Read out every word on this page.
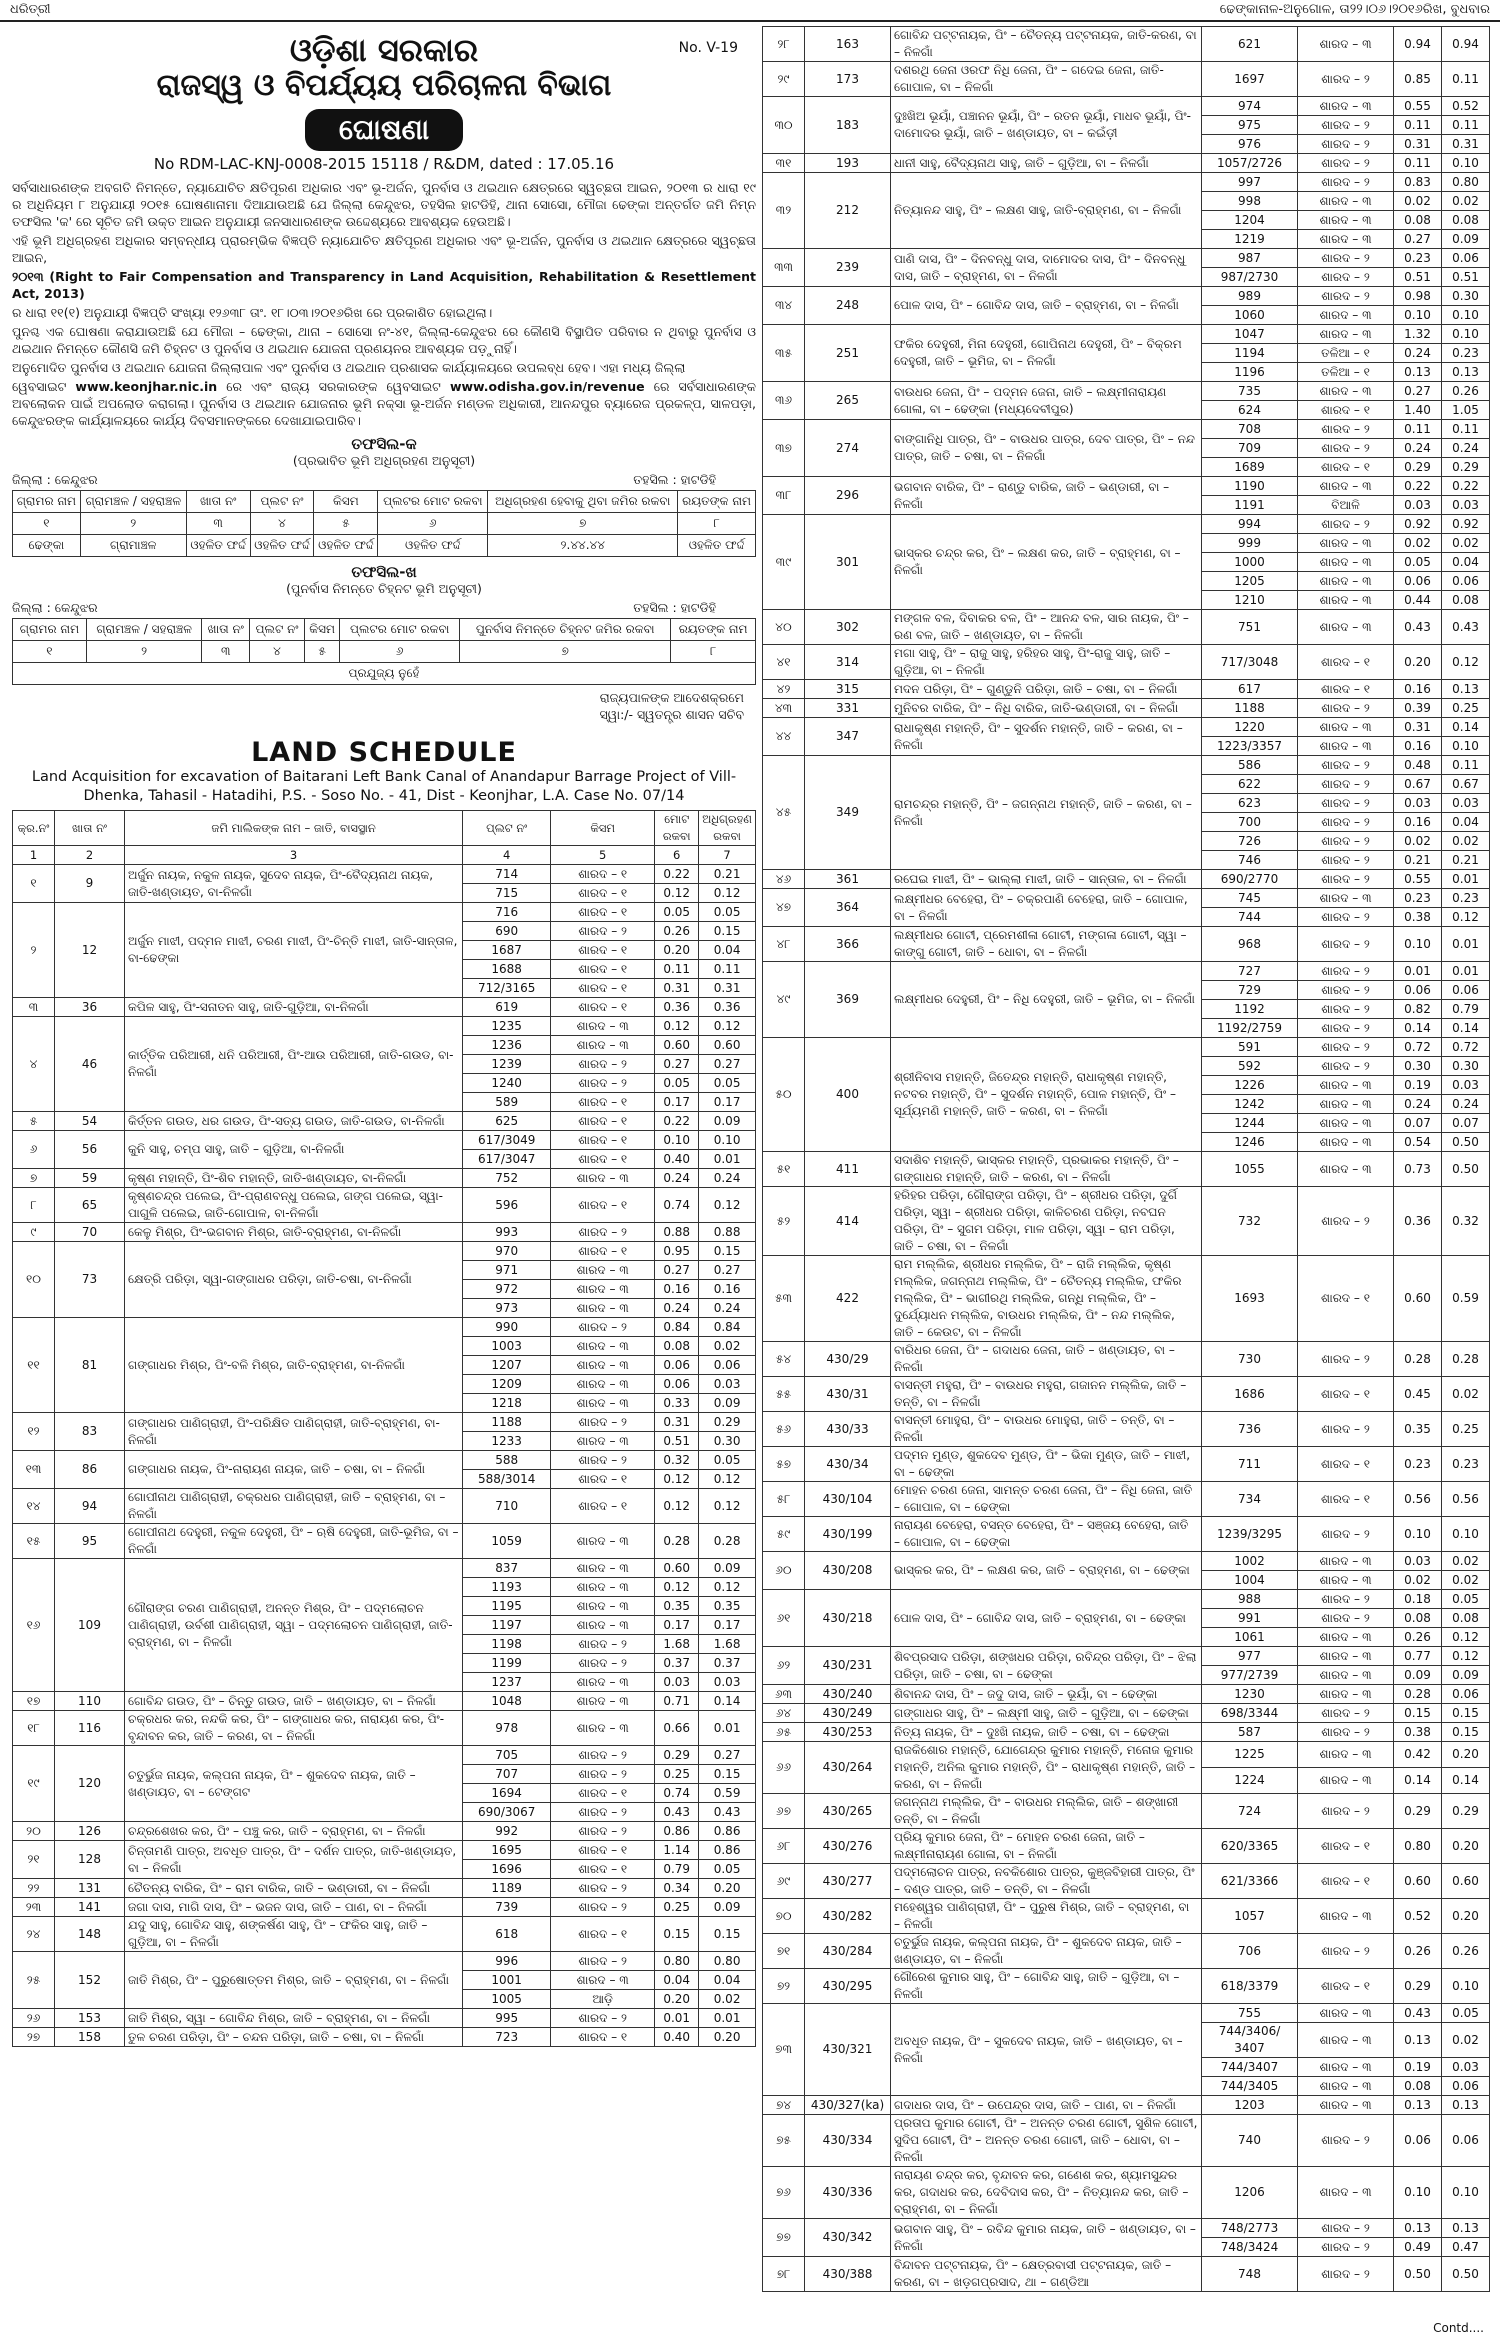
ଧରିତ୍ରୀ	ଢେଙ୍କାନାଳ-ଅନୁଗୋଳ, ତା୨୨।୦୬।୨୦୧୬ରିଖ, ବୁଧବାର
No. V-19
ଓଡ଼ିଶା ସରକାର
ରାଜସ୍ୱ ଓ ବିପର୍ଯ୍ୟୟ ପରିଚାଳନା ବିଭାଗ
ଘୋଷଣା
No RDM-LAC-KNJ-0008-2015 15118 / R&DM, dated : 17.05.16

ସର୍ବସାଧାରଣଙ୍କ ଅବଗତି ନିମନ୍ତେ, ନ୍ୟାଯୋଚିତ କ୍ଷତିପୂରଣ ଅଧିକାର ଏବଂ ଭୂ-ଅର୍ଜନ, ପୁନର୍ବାସ ଓ ଥଇଥାନ କ୍ଷେତ୍ରରେ ସ୍ୱଚ୍ଛତା ଆଇନ, ୨୦୧୩ ର ଧାରା ୧୯ ର ଅଧିନିୟମ ୮ ଅନୁଯାୟୀ ୨୦୧୫ ଘୋଷଣାନାମା ଦିଆଯାଉଅଛି ଯେ ଜିଲ୍ଲା କେନ୍ଦୁଝର, ତହସିଲ ହାଟଡିହି, ଥାନା ସୋସୋ, ମୌଜା ଢେଙ୍କା ଅନ୍ତର୍ଗତ ଜମି ନିମ୍ନ ତଫସିଲ 'କ' ରେ ସୂଚିତ ଜମି ଉକ୍ତ ଆଇନ ଅନୁଯାୟୀ ଜନସାଧାରଣଙ୍କ ଉଦ୍ଦେଶ୍ୟରେ ଆବଶ୍ୟକ ହେଉଅଛି।

ଏହି ଭୂମି ଅଧିଗ୍ରହଣ ଅଧିକାର ସମ୍ବନ୍ଧୀୟ ପ୍ରାରମ୍ଭିକ ବିଜ୍ଞପ୍ତି ନ୍ୟାଯୋଚିତ କ୍ଷତିପୂରଣ ଅଧିକାର ଏବଂ ଭୂ-ଅର୍ଜନ, ପୁନର୍ବାସ ଓ ଥଇଥାନ କ୍ଷେତ୍ରରେ ସ୍ୱଚ୍ଛତା ଆଇନ,

୨୦୧୩ (Right to Fair Compensation and Transparency in Land Acquisition, Rehabilitation & Resettlement Act, 2013)

ର ଧାରା ୧୧(୧) ଅନୁଯାୟୀ ବିଜ୍ଞପ୍ତି ସଂଖ୍ୟା ୧୨୬୩୮ ତାଂ. ୧୮।୦୩।୨୦୧୬ରିଖ ରେ ପ୍ରକାଶିତ ହୋଇଥିଲା।

ପୁନଶ୍ଚ ଏକ ଘୋଷଣା କରାଯାଉଅଛି ଯେ ମୌଜା – ଢେଙ୍କା, ଥାନା – ସୋସୋ ନଂ-୪୧, ଜିଲ୍ଲା-କେନ୍ଦୁଝର ରେ କୌଣସି ବିସ୍ଥାପିତ ପରିବାର ନ ଥିବାରୁ ପୁନର୍ବାସ ଓ ଥଇଥାନ ନିମନ୍ତେ କୌଣସି ଜମି ଚିହ୍ନଟ ଓ ପୁନର୍ବାସ ଓ ଥଇଥାନ ଯୋଜନା ପ୍ରଣୟନର ଆବଶ୍ୟକ ପଡ଼ୁନାହିଁ।

ଅନୁମୋଦିତ ପୁନର୍ବାସ ଓ ଥଇଥାନ ଯୋଜନା ଜିଲ୍ଲାପାଳ ଏବଂ ପୁନର୍ବାସ ଓ ଥଇଥାନ ପ୍ରଶାସକ କାର୍ଯ୍ୟାଳୟରେ ଉପଲବ୍ଧ ହେବ। ଏହା ମଧ୍ୟ ଜିଲ୍ଲା

ୱେବସାଇଟ www.keonjhar.nic.in ରେ ଏବଂ ରାଜ୍ୟ ସରକାରଙ୍କ ୱେବସାଇଟ www.odisha.gov.in/revenue ରେ ସର୍ବସାଧାରଣଙ୍କ ଅବଲୋକନ ପାଇଁ ଅପଲୋଡ କରାଗଲା। ପୁନର୍ବାସ ଓ ଥଇଥାନ ଯୋଜନାର ଭୂମି ନକ୍ସା ଭୂ-ଅର୍ଜନ ମଣ୍ଡଳ ଅଧିକାରୀ, ଆନନ୍ଦପୁର ବ୍ୟାରେଜ ପ୍ରକଳ୍ପ, ସାଳପଡ଼ା, କେନ୍ଦୁଝରଙ୍କ କାର୍ଯ୍ୟାଳୟରେ କାର୍ଯ୍ୟ ଦିବସମାନଙ୍କରେ ଦେଖାଯାଇପାରିବ।

ତଫସିଲ-କ
(ପ୍ରଭାବିତ ଭୂମି ଅଧିଗ୍ରହଣ ଅନୁସୂଚୀ)
ଜିଲ୍ଲା : କେନ୍ଦୁଝର	ତହସିଲ : ହାଟଡିହି
ଗ୍ରାମର ନାମ	ଗ୍ରାମଞ୍ଚଳ / ସହରାଞ୍ଚଳ	ଖାତା ନଂ	ପ୍ଲଟ ନଂ	କିସମ	ପ୍ଲଟର ମୋଟ ରକବା	ଅଧିଗ୍ରହଣ ହେବାକୁ ଥିବା ଜମିର ରକବା	ରୟତଙ୍କ ନାମ
୧	୨	୩	୪	୫	୬	୭	୮
ଢେଙ୍କା	ଗ୍ରାମାଞ୍ଚଳ	ଓହଳିତ ଫର୍ଦ୍ଦ	ଓହଳିତ ଫର୍ଦ୍ଦ	ଓହଳିତ ଫର୍ଦ୍ଦ	ଓହଳିତ ଫର୍ଦ୍ଦ	୨.୪୪.୪୪	ଓହଳିତ ଫର୍ଦ୍ଦ
ତଫସିଲ-ଖ
(ପୁନର୍ବାସ ନିମନ୍ତେ ଚିହ୍ନଟ ଭୂମି ଅନୁସୂଚୀ)
ଜିଲ୍ଲା : କେନ୍ଦୁଝର	ତହସିଲ : ହାଟଡିହି
ଗ୍ରାମର ନାମ	ଗ୍ରାମଞ୍ଚଳ / ସହରାଞ୍ଚଳ	ଖାତା ନଂ	ପ୍ଲଟ ନଂ	କିସମ	ପ୍ଲଟର ମୋଟ ରକବା	ପୁନର୍ବାସ ନିମନ୍ତେ ଚିହ୍ନଟ ଜମିର ରକବା	ରୟତଙ୍କ ନାମ
୧	୨	୩	୪	୫	୬	୭	୮
ପ୍ରଯୁଜ୍ୟ ନୁହେଁ							
ରାଜ୍ୟପାଳଙ୍କ ଆଦେଶକ୍ରମେ
ସ୍ୱା:/- ସ୍ୱତନ୍ତ୍ର ଶାସନ ସଚିବ
LAND SCHEDULE
Land Acquisition for excavation of Baitarani Left Bank Canal of Anandapur Barrage Project of Vill-
Dhenka, Tahasil - Hatadihi, P.S. - Soso No. - 41, Dist - Keonjhar, L.A. Case No. 07/14
କ୍ର.ନଂ	ଖାତା ନଂ	ଜମି ମାଲିକଙ୍କ ନାମ – ଜାତି, ବାସସ୍ଥାନ	ପ୍ଲଟ ନଂ	କିସମ	ମୋଟ ରକବା	ଅଧିଗ୍ରହଣ ରକବା
1	2	3	4	5	6	7
୧	9	ଅର୍ଜୁନ ନାୟକ, ନକୁଳ ନାୟକ, ସୁଦେବ ନାୟକ, ପିଂ-ବୈଦ୍ୟନାଥ ନାୟକ, ଜାତି-ଖଣ୍ଡାୟତ, ବା-ନିଳଗାଁ	714	ଶାରଦ – ୧	0.22	0.21
			715	ଶାରଦ – ୧	0.12	0.12
୨	12	ଅର୍ଜୁନ ମାଝୀ, ପଦ୍ମନ ମାଝୀ, ଚରଣ ମାଝୀ, ପିଂ-ଚିନ୍ତି ମାଝୀ, ଜାତି-ସାନ୍ତାଳ, ବା-ଢେଙ୍କା	716	ଶାରଦ – ୧	0.05	0.05
			690	ଶାରଦ – ୨	0.26	0.15
			1687	ଶାରଦ – ୧	0.20	0.04
			1688	ଶାରଦ – ୧	0.11	0.11
			712/3165	ଶାରଦ – ୧	0.31	0.31
୩	36	କପିଳ ସାହୁ, ପିଂ-ସନାତନ ସାହୁ, ଜାତି-ଗୁଡ଼ିଆ, ବା-ନିଳଗାଁ	619	ଶାରଦ – ୧	0.36	0.36
୪	46	କାର୍ତ୍ତିକ ପରିଆରୀ, ଧନି ପରିଆରୀ, ପିଂ-ଆଉ ପରିଆରୀ, ଜାତି-ଗଉଡ, ବା-ନିଳଗାଁ	1235	ଶାରଦ – ୩	0.12	0.12
			1236	ଶାରଦ – ୩	0.60	0.60
			1239	ଶାରଦ – ୨	0.27	0.27
			1240	ଶାରଦ – ୨	0.05	0.05
			589	ଶାରଦ – ୧	0.17	0.17
୫	54	କିର୍ତ୍ତନ ଗଉଡ, ଧର ଗଉଡ, ପିଂ-ସତ୍ୟ ଗଉଡ, ଜାତି-ଗଉଡ, ବା-ନିଳଗାଁ	625	ଶାରଦ – ୧	0.22	0.09
୬	56	କୁନି ସାହୁ, ଚମ୍ପ ସାହୁ, ଜାତି – ଗୁଡ଼ିଆ, ବା-ନିଳଗାଁ	617/3049	ଶାରଦ – ୧	0.10	0.10
			617/3047	ଶାରଦ – ୧	0.40	0.01
୭	59	କୃଷ୍ଣ ମହାନ୍ତି, ପିଂ-ଶିବ ମହାନ୍ତି, ଜାତି-ଖଣ୍ଡାୟତ, ବା-ନିଳଗାଁ	752	ଶାରଦ – ୩	0.24	0.24
୮	65	କୃଷ୍ଣଚନ୍ଦ୍ର ପଲେଇ, ପିଂ-ପ୍ରାଣବନ୍ଧୁ ପଲେଇ, ଗଙ୍ଗ ପଲେଇ, ସ୍ୱା-ପାଗୁଳି ପଲେଇ, ଜାତି-ଗୋପାଳ, ବା-ନିଳଗାଁ	596	ଶାରଦ – ୧	0.74	0.12
୯	70	କେଳୁ ମିଶ୍ର, ପିଂ-ଭଗବାନ ମିଶ୍ର, ଜାତି-ବ୍ରାହ୍ମଣ, ବା-ନିଳଗାଁ	993	ଶାରଦ – ୨	0.88	0.88
୧୦	73	କ୍ଷେତ୍ରି ପରିଡ଼ା, ସ୍ୱା-ଗଙ୍ଗାଧର ପରିଡ଼ା, ଜାତି-ଚଷା, ବା-ନିଳଗାଁ	970	ଶାରଦ – ୧	0.95	0.15
			971	ଶାରଦ – ୩	0.27	0.27
			972	ଶାରଦ – ୩	0.16	0.16
			973	ଶାରଦ – ୩	0.24	0.24
୧୧	81	ଗଙ୍ଗାଧର ମିଶ୍ର, ପିଂ-ବଳି ମିଶ୍ର, ଜାତି-ବ୍ରାହ୍ମଣ, ବା-ନିଳଗାଁ	990	ଶାରଦ – ୨	0.84	0.84
			1003	ଶାରଦ – ୩	0.08	0.02
			1207	ଶାରଦ – ୩	0.06	0.06
			1209	ଶାରଦ – ୩	0.06	0.03
			1218	ଶାରଦ – ୩	0.33	0.09
୧୨	83	ଗଙ୍ଗାଧର ପାଣିଗ୍ରାହୀ, ପିଂ-ପରିକ୍ଷିତ ପାଣିଗ୍ରାହୀ, ଜାତି-ବ୍ରାହ୍ମଣ, ବା-ନିଳଗାଁ	1188	ଶାରଦ – ୨	0.31	0.29
			1233	ଶାରଦ – ୩	0.51	0.30
୧୩	86	ଗଙ୍ଗାଧର ନାୟକ, ପିଂ-ନାରାୟଣ ନାୟକ, ଜାତି – ଚଷା, ବା – ନିଳଗାଁ	588	ଶାରଦ – ୨	0.32	0.05
			588/3014	ଶାରଦ – ୧	0.12	0.12
୧୪	94	ଗୋପୀନାଥ ପାଣିଗ୍ରାହୀ, ଚକ୍ରଧର ପାଣିଗ୍ରାହୀ, ଜାତି – ବ୍ରାହ୍ମଣ, ବା – ନିଳଗାଁ	710	ଶାରଦ – ୧	0.12	0.12
୧୫	95	ଗୋପୀନାଥ ଦେହୁରୀ, ନକୁଳ ଦେହୁରୀ, ପିଂ – ଋଷି ଦେହୁରୀ, ଜାତି-ଭୂମିଜ, ବା – ନିଳଗାଁ	1059	ଶାରଦ – ୩	0.28	0.28
୧୬	109	ଗୌରାଙ୍ଗ ଚରଣ ପାଣିଗ୍ରାହୀ, ଅନନ୍ତ ମିଶ୍ର, ପିଂ – ପଦ୍ମଲୋଚନ ପାଣିଗ୍ରାହୀ, ଉର୍ବଶୀ ପାଣିଗ୍ରାହୀ, ସ୍ୱା – ପଦ୍ମଲୋଚନ ପାଣିଗ୍ରାହୀ, ଜାତି-ବ୍ରାହ୍ମଣ, ବା – ନିଳଗାଁ	837	ଶାରଦ – ୩	0.60	0.09
			1193	ଶାରଦ – ୩	0.12	0.12
			1195	ଶାରଦ – ୩	0.35	0.35
			1197	ଶାରଦ – ୩	0.17	0.17
			1198	ଶାରଦ – ୨	1.68	1.68
			1199	ଶାରଦ – ୨	0.37	0.37
			1237	ଶାରଦ – ୩	0.03	0.03
୧୭	110	ଗୋବିନ୍ଦ ଗଉଡ, ପିଂ – ଚିନ୍ତୁ ଗଉଡ, ଜାତି – ଖଣ୍ଡାୟତ, ବା – ନିଳଗାଁ	1048	ଶାରଦ – ୩	0.71	0.14
୧୮	116	ଚକ୍ରଧର କର, ନନ୍ଦକି କର, ପିଂ – ଗଙ୍ଗାଧର କର, ନାରାୟଣ କର, ପିଂ-ବୃନ୍ଦାବନ କର, ଜାତି – କରଣ, ବା – ନିଳଗାଁ	978	ଶାରଦ – ୩	0.66	0.01
୧୯	120	ଚତୁର୍ଭୁଜ ନାୟକ, କଲ୍ପନା ନାୟକ, ପିଂ – ଶୁକଦେବ ନାୟକ, ଜାତି – ଖଣ୍ଡାୟତ, ବା – ଟେଙ୍ଗଟ	705	ଶାରଦ – ୨	0.29	0.27
			707	ଶାରଦ – ୨	0.25	0.15
			1694	ଶାରଦ – ୧	0.74	0.59
			690/3067	ଶାରଦ – ୨	0.43	0.43
୨୦	126	ଚନ୍ଦ୍ରଶେଖର କର, ପିଂ – ପଞ୍ଚୁ କର, ଜାତି – ବ୍ରାହ୍ମଣ, ବା – ନିଳଗାଁ	992	ଶାରଦ – ୨	0.86	0.86
୨୧	128	ଚିନ୍ତାମଣି ପାତ୍ର, ଅବଧୂତ ପାତ୍ର, ପିଂ – ଦର୍ଶନ ପାତ୍ର, ଜାତି-ଖଣ୍ଡାୟତ, ବା – ନିଳଗାଁ	1695	ଶାରଦ – ୧	1.14	0.86
			1696	ଶାରଦ – ୧	0.79	0.05
୨୨	131	ଚୈତନ୍ୟ ବାରିକ, ପିଂ – ରାମ ବାରିକ, ଜାତି – ଭଣ୍ଡାରୀ, ବା – ନିଳଗାଁ	1189	ଶାରଦ – ୨	0.34	0.20
୨୩	141	ଜଗା ଦାସ, ମାଗି ଦାସ, ପିଂ – ଭଜନ ଦାସ, ଜାତି – ପାଣ, ବା – ନିଳଗାଁ	739	ଶାରଦ – ୨	0.25	0.09
୨୪	148	ଯଦୁ ସାହୁ, ଗୋବିନ୍ଦ ସାହୁ, ଶଙ୍କର୍ଷଣ ସାହୁ, ପିଂ – ଫକିର ସାହୁ, ଜାତି – ଗୁଡ଼ିଆ, ବା – ନିଳଗାଁ	618	ଶାରଦ – ୧	0.15	0.15
୨୫	152	ଜାତି ମିଶ୍ର, ପିଂ – ପୁରୁଷୋତ୍ତମ ମିଶ୍ର, ଜାତି – ବ୍ରାହ୍ମଣ, ବା – ନିଳଗାଁ	996	ଶାରଦ – ୨	0.80	0.80
			1001	ଶାରଦ – ୩	0.04	0.04
			1005	ଆଡ଼ି	0.20	0.02
୨୬	153	ଜାତି ମିଶ୍ର, ସ୍ୱା – ଗୋବିନ୍ଦ ମିଶ୍ର, ଜାତି – ବ୍ରାହ୍ମଣ, ବା – ନିଳଗାଁ	995	ଶାରଦ – ୨	0.01	0.01
୨୭	158	ତୁଳ ଚରଣ ପରିଡ଼ା, ପିଂ – ଚନ୍ଦନ ପରିଡ଼ା, ଜାତି – ଚଷା, ବା – ନିଳଗାଁ	723	ଶାରଦ – ୧	0.40	0.20
୨୮	163	ଗୋବିନ୍ଦ ପଟ୍ଟନାୟକ, ପିଂ – ଚୈତନ୍ୟ ପଟ୍ଟନାୟକ, ଜାତି-କରଣ, ବା – ନିଳଗାଁ	621	ଶାରଦ – ୩	0.94	0.94
୨୯	173	ଦଶରଥି ଜେନା ଓରଫ ନିଧି ଜେନା, ପିଂ – ଗଦେଇ ଜେନା, ଜାତି-ଗୋପାଳ, ବା – ନିଳଗାଁ	1697	ଶାରଦ – ୨	0.85	0.11
୩୦	183	ଦୁଃଖିଅ ଭୂୟାଁ, ପଞ୍ଚାନନ ଭୂୟାଁ, ପିଂ – ରତନ ଭୂୟାଁ, ମାଧବ ଭୂୟାଁ, ପିଂ-ଦାମୋଦର ଭୂୟାଁ, ଜାତି – ଖଣ୍ଡାୟତ, ବା – କଇଁଡ଼ୀ	974	ଶାରଦ – ୩	0.55	0.52
			975	ଶାରଦ – ୨	0.11	0.11
			976	ଶାରଦ – ୨	0.31	0.31
୩୧	193	ଧାନୀ ସାହୁ, ବୈଦ୍ୟନାଥ ସାହୁ, ଜାତି – ଗୁଡ଼ିଆ, ବା – ନିଳଗାଁ	1057/2726	ଶାରଦ – ୨	0.11	0.10
୩୨	212	ନିତ୍ୟାନନ୍ଦ ସାହୁ, ପିଂ – ଲକ୍ଷଣ ସାହୁ, ଜାତି-ବ୍ରାହ୍ମଣ, ବା – ନିଳଗାଁ	997	ଶାରଦ – ୨	0.83	0.80
			998	ଶାରଦ – ୩	0.02	0.02
			1204	ଶାରଦ – ୩	0.08	0.08
			1219	ଶାରଦ – ୩	0.27	0.09
୩୩	239	ପାଣି ଦାସ, ପିଂ – ଦିନବନ୍ଧୁ ଦାସ, ଦାମୋଦର ଦାସ, ପିଂ – ଦିନବନ୍ଧୁ ଦାସ, ଜାତି – ବ୍ରାହ୍ମଣ, ବା – ନିଳଗାଁ	987	ଶାରଦ – ୨	0.23	0.06
			987/2730	ଶାରଦ – ୨	0.51	0.51
୩୪	248	ପୋଳ ଦାସ, ପିଂ – ଗୋବିନ୍ଦ ଦାସ, ଜାତି – ବ୍ରାହ୍ମଣ, ବା – ନିଳଗାଁ	989	ଶାରଦ – ୨	0.98	0.30
			1060	ଶାରଦ – ୩	0.10	0.10
୩୫	251	ଫକିର ଦେହୁରୀ, ମିନା ଦେହୁରୀ, ଗୋପିନାଥ ଦେହୁରୀ, ପିଂ – ବିକ୍ରମ ଦେହୁରୀ, ଜାତି – ଭୂମିଜ, ବା – ନିଳଗାଁ	1047	ଶାରଦ – ୩	1.32	0.10
			1194	ତଳିଆ – ୧	0.24	0.23
			1196	ତଳିଆ – ୧	0.13	0.13
୩୬	265	ବାଉଧର ଜେନା, ପିଂ – ପଦ୍ମନ ଜେନା, ଜାତି – ଲକ୍ଷ୍ମୀନାରାୟଣ ଗୋଳା, ବା – ଢେଙ୍କା (ମଧ୍ୟଦେବୀପୁର)	735	ଶାରଦ – ୩	0.27	0.26
			624	ଶାରଦ – ୧	1.40	1.05
୩୭	274	ବାଙ୍ଗାନିଧି ପାତ୍ର, ପିଂ – ବାଉଧର ପାତ୍ର, ଦେବ ପାତ୍ର, ପିଂ – ନନ୍ଦ ପାତ୍ର, ଜାତି – ଚଷା, ବା – ନିଳଗାଁ	708	ଶାରଦ – ୨	0.11	0.11
			709	ଶାରଦ – ୨	0.24	0.24
			1689	ଶାରଦ – ୧	0.29	0.29
୩୮	296	ଭଗବାନ ବାରିକ, ପିଂ – ରାଣ୍ଡୁ ବାରିକ, ଜାତି – ଭଣ୍ଡାରୀ, ବା – ନିଳଗାଁ	1190	ଶାରଦ – ୩	0.22	0.22
			1191	ବିଆଳି	0.03	0.03
୩୯	301	ଭାସ୍କର ଚନ୍ଦ୍ର କର, ପିଂ – ଲକ୍ଷଣ କର, ଜାତି – ବ୍ରାହ୍ମଣ, ବା – ନିଳଗାଁ	994	ଶାରଦ – ୨	0.92	0.92
			999	ଶାରଦ – ୩	0.02	0.02
			1000	ଶାରଦ – ୩	0.05	0.04
			1205	ଶାରଦ – ୩	0.06	0.06
			1210	ଶାରଦ – ୩	0.44	0.08
୪୦	302	ମଙ୍ଗଳ ବଳ, ଦିବାକର ବଳ, ପିଂ – ଆନନ୍ଦ ବଳ, ସାର ନାୟକ, ପିଂ – ରଣ ବଳ, ଜାତି – ଖଣ୍ଡାୟତ, ବା – ନିଳଗାଁ	751	ଶାରଦ – ୩	0.43	0.43
୪୧	314	ମଗା ସାହୁ, ପିଂ – ରାଜୁ ସାହୁ, ହରିହର ସାହୁ, ପିଂ-ରାଜୁ ସାହୁ, ଜାତି – ଗୁଡ଼ିଆ, ବା – ନିଳଗାଁ	717/3048	ଶାରଦ – ୧	0.20	0.12
୪୨	315	ମଦନ ପରିଡ଼ା, ପିଂ – ଗୁଣ୍ଡୁନି ପରିଡ଼ା, ଜାତି – ଚଷା, ବା – ନିଳଗାଁ	617	ଶାରଦ – ୧	0.16	0.13
୪୩	331	ମୁନିବର ବାରିକ, ପିଂ – ନିଧି ବାରିକ, ଜାତି-ଭଣ୍ଡାରୀ, ବା – ନିଳଗାଁ	1188	ଶାରଦ – ୨	0.39	0.25
୪୪	347	ରାଧାକୃଷ୍ଣ ମହାନ୍ତି, ପିଂ – ସୁଦର୍ଶନ ମହାନ୍ତି, ଜାତି – କରଣ, ବା – ନିଳଗାଁ	1220	ଶାରଦ – ୩	0.31	0.14
			1223/3357	ଶାରଦ – ୩	0.16	0.10
୪୫	349	ରାମଚନ୍ଦ୍ର ମହାନ୍ତି, ପିଂ – ଜଗନ୍ନାଥ ମହାନ୍ତି, ଜାତି – କରଣ, ବା – ନିଳଗାଁ	586	ଶାରଦ – ୨	0.48	0.11
			622	ଶାରଦ – ୨	0.67	0.67
			623	ଶାରଦ – ୨	0.03	0.03
			700	ଶାରଦ – ୨	0.16	0.04
			726	ଶାରଦ – ୨	0.02	0.02
			746	ଶାରଦ – ୨	0.21	0.21
୪୬	361	ରଘେଇ ମାଝୀ, ପିଂ – ଭାଲ୍ଲା ମାଝୀ, ଜାତି – ସାନ୍ତାଳ, ବା – ନିଳଗାଁ	690/2770	ଶାରଦ – ୨	0.55	0.01
୪୭	364	ଲକ୍ଷ୍ମୀଧର ବେହେରା, ପିଂ – ଚକ୍ରପାଣି ବେହେରା, ଜାତି – ଗୋପାଳ, ବା – ନିଳଗାଁ	745	ଶାରଦ – ୩	0.23	0.23
			744	ଶାରଦ – ୨	0.38	0.12
୪୮	366	ଲକ୍ଷ୍ମୀଧର ଗୋଟୀ, ପ୍ରେମଶୀଳା ଗୋଟୀ, ମଙ୍ଗଳା ଗୋଟୀ, ସ୍ୱା – କାଙ୍ଗୁ ଗୋଟୀ, ଜାତି – ଧୋବା, ବା – ନିଳଗାଁ	968	ଶାରଦ – ୨	0.10	0.01
୪୯	369	ଲକ୍ଷ୍ମୀଧର ଦେହୁରୀ, ପିଂ – ନିଧି ଦେହୁରୀ, ଜାତି – ଭୂମିଜ, ବା – ନିଳଗାଁ	727	ଶାରଦ – ୨	0.01	0.01
			729	ଶାରଦ – ୨	0.06	0.06
			1192	ଶାରଦ – ୨	0.82	0.79
			1192/2759	ଶାରଦ – ୨	0.14	0.14
୫୦	400	ଶ୍ରୀନିବାସ ମହାନ୍ତି, ଜିତେନ୍ଦ୍ର ମହାନ୍ତି, ରାଧାକୃଷ୍ଣ ମହାନ୍ତି, ନଟବର ମହାନ୍ତି, ପିଂ – ସୁଦର୍ଶନ ମହାନ୍ତି, ପୋଳ ମହାନ୍ତି, ପିଂ – ସୂର୍ଯ୍ୟମଣି ମହାନ୍ତି, ଜାତି – କରଣ, ବା – ନିଳଗାଁ	591	ଶାରଦ – ୨	0.72	0.72
			592	ଶାରଦ – ୨	0.30	0.30
			1226	ଶାରଦ – ୩	0.19	0.03
			1242	ଶାରଦ – ୩	0.24	0.24
			1244	ଶାରଦ – ୩	0.07	0.07
			1246	ଶାରଦ – ୩	0.54	0.50
୫୧	411	ସଦାଶିବ ମହାନ୍ତି, ଭାସ୍କର ମହାନ୍ତି, ପ୍ରଭାକର ମହାନ୍ତି, ପିଂ – ଗଙ୍ଗାଧର ମହାନ୍ତି, ଜାତି – କରଣ, ବା – ନିଳଗାଁ	1055	ଶାରଦ – ୩	0.73	0.50
୫୨	414	ହରିହର ପରିଡ଼ା, ଗୌରାଙ୍ଗ ପରିଡ଼ା, ପିଂ – ଶ୍ରୀଧର ପରିଡ଼ା, ଦୁର୍ଗି ପରିଡ଼ା, ସ୍ୱା – ଶ୍ରୀଧର ପରିଡ଼ା, କାଳିଚରଣ ପରିଡ଼ା, ନବଘନ ପରିଡ଼ା, ପିଂ – ସୁଗମ ପରିଡ଼ା, ମାଳ ପରିଡ଼ା, ସ୍ୱା – ରାମ ପରିଡ଼ା, ଜାତି – ଚଷା, ବା – ନିଳଗାଁ	732	ଶାରଦ – ୨	0.36	0.32
୫୩	422	ରାମ ମଲ୍ଲିକ, ଶ୍ରୀଧର ମଲ୍ଲିକ, ପିଂ – ରାଜି ମଲ୍ଲିକ, କୃଷ୍ଣ ମଲ୍ଲିକ, ଜଗନ୍ନାଥ ମଲ୍ଲିକ, ପିଂ – ଚୈତନ୍ୟ ମଲ୍ଲିକ, ଫକିର ମଲ୍ଲିକ, ପିଂ – ଭାଗୀରଥି ମଲ୍ଲିକ, ଗନ୍ଧି ମଲ୍ଲିକ, ପିଂ – ଦୁର୍ଯ୍ୟୋଧନ ମଲ୍ଲିକ, ବାଉଧର ମଲ୍ଲିକ, ପିଂ – ନନ୍ଦ ମଲ୍ଲିକ, ଜାତି – କେଉଟ, ବା – ନିଳଗାଁ	1693	ଶାରଦ – ୧	0.60	0.59
୫୪	430/29	ବାରିଧର ଜେନା, ପିଂ – ଗଦାଧର ଜେନା, ଜାତି – ଖଣ୍ଡାୟତ, ବା – ନିଳଗାଁ	730	ଶାରଦ – ୨	0.28	0.28
୫୫	430/31	ବାସନ୍ତୀ ମହୁରା, ପିଂ – ବାଉଧର ମହୁରା, ଗଜାନନ ମଲ୍ଲିକ, ଜାତି – ତନ୍ତି, ବା – ନିଳଗାଁ	1686	ଶାରଦ – ୧	0.45	0.02
୫୬	430/33	ବାସନ୍ତୀ ମୋହୁରା, ପିଂ – ବାଉଧର ମୋହୁରା, ଜାତି – ତନ୍ତି, ବା – ନିଳଗାଁ	736	ଶାରଦ – ୨	0.35	0.25
୫୭	430/34	ପଦ୍ମନ ମୁଣ୍ଡ, ଶୁକଦେବ ମୁଣ୍ଡ, ପିଂ – ଭିକା ମୁଣ୍ଡ, ଜାତି – ମାଝୀ, ବା – ଢେଙ୍କା	711	ଶାରଦ – ୧	0.23	0.23
୫୮	430/104	ମୋହନ ଚରଣ ଜେନା, ସାମନ୍ତ ଚରଣ ଜେନା, ପିଂ – ନିଧି ଜେନା, ଜାତି – ଗୋପାଳ, ବା – ଢେଙ୍କା	734	ଶାରଦ – ୧	0.56	0.56
୫୯	430/199	ନାରାୟଣ ବେହେରା, ବସନ୍ତ ବେହେରା, ପିଂ – ସଞ୍ଜୟ ବେହେରା, ଜାତି – ଗୋପାଳ, ବା – ଢେଙ୍କା	1239/3295	ଶାରଦ – ୨	0.10	0.10
୬୦	430/208	ଭାସ୍କର କର, ପିଂ – ଲକ୍ଷଣ କର, ଜାତି – ବ୍ରାହ୍ମଣ, ବା – ଢେଙ୍କା	1002	ଶାରଦ – ୩	0.03	0.02
			1004	ଶାରଦ – ୩	0.02	0.02
୬୧	430/218	ପୋଳ ଦାସ, ପିଂ – ଗୋବିନ୍ଦ ଦାସ, ଜାତି – ବ୍ରାହ୍ମଣ, ବା – ଢେଙ୍କା	988	ଶାରଦ – ୨	0.18	0.05
			991	ଶାରଦ – ୨	0.08	0.08
			1061	ଶାରଦ – ୩	0.26	0.12
୬୨	430/231	ଶିବପ୍ରସାଦ ପରିଡ଼ା, ଶଙ୍ଖଧର ପରିଡ଼ା, ରବିନ୍ଦ୍ର ପରିଡ଼ା, ପିଂ – ଝିଲା ପରିଡ଼ା, ଜାତି – ଚଷା, ବା – ଢେଙ୍କା	977	ଶାରଦ – ୩	0.77	0.12
			977/2739	ଶାରଦ – ୩	0.09	0.09
୬୩	430/240	ଶିବାନନ୍ଦ ଦାସ, ପିଂ – ଜଦୁ ଦାସ, ଜାତି – ଭୂୟାଁ, ବା – ଢେଙ୍କା	1230	ଶାରଦ – ୩	0.28	0.06
୬୪	430/249	ଗଙ୍ଗାଧର ସାହୁ, ପିଂ – ଲକ୍ଷ୍ମୀ ସାହୁ, ଜାତି – ଗୁଡ଼ିଆ, ବା – ଢେଙ୍କା	698/3344	ଶାରଦ – ୨	0.15	0.15
୬୫	430/253	ନିତ୍ୟ ନାୟକ, ପିଂ – ଦୁଃଖି ନାୟକ, ଜାତି – ଚଷା, ବା – ଢେଙ୍କା	587	ଶାରଦ – ୨	0.38	0.15
୬୬	430/264	ରାଜକିଶୋର ମହାନ୍ତି, ଯୋଗେନ୍ଦ୍ର କୁମାର ମହାନ୍ତି, ମନୋଜ କୁମାର ମହାନ୍ତି, ଅନିଲ କୁମାର ମହାନ୍ତି, ପିଂ – ରାଧାକୃଷ୍ଣ ମହାନ୍ତି, ଜାତି – କରଣ, ବା – ନିଳଗାଁ	1225	ଶାରଦ – ୩	0.42	0.20
			1224	ଶାରଦ – ୩	0.14	0.14
୬୭	430/265	ଜଗନ୍ନାଥ ମଲ୍ଲିକ, ପିଂ – ବାଉଧର ମଲ୍ଲିକ, ଜାତି – ଶଙ୍ଖାରୀ ତନ୍ତି, ବା – ନିଳଗାଁ	724	ଶାରଦ – ୨	0.29	0.29
୬୮	430/276	ପ୍ରିୟ କୁମାର ଜେନା, ପିଂ – ମୋହନ ଚରଣ ଜେନା, ଜାତି – ଲକ୍ଷ୍ମୀନାରାୟଣ ଗୋଳା, ବା – ନିଳଗାଁ	620/3365	ଶାରଦ – ୧	0.80	0.20
୬୯	430/277	ପଦ୍ମଲୋଚନ ପାତ୍ର, ନବକିଶୋର ପାତ୍ର, କୁଞ୍ଜବିହାରୀ ପାତ୍ର, ପିଂ – ଦଣ୍ଡ ପାତ୍ର, ଜାତି – ତନ୍ତି, ବା – ନିଳଗାଁ	621/3366	ଶାରଦ – ୧	0.60	0.60
୭୦	430/282	ମହେଶ୍ୱର ପାଣିଗ୍ରାହୀ, ପିଂ – ପୁରୁଷ ମିଶ୍ର, ଜାତି – ବ୍ରାହ୍ମଣ, ବା – ନିଳଗାଁ	1057	ଶାରଦ – ୩	0.52	0.20
୭୧	430/284	ଚତୁର୍ଭୁଜ ନାୟକ, କଲ୍ପନା ନାୟକ, ପିଂ – ଶୁକଦେବ ନାୟକ, ଜାତି – ଖଣ୍ଡାୟତ, ବା – ନିଳଗାଁ	706	ଶାରଦ – ୨	0.26	0.26
୭୨	430/295	ଗୌରେଶ କୁମାର ସାହୁ, ପିଂ – ଗୋବିନ୍ଦ ସାହୁ, ଜାତି – ଗୁଡ଼ିଆ, ବା – ନିଳଗାଁ	618/3379	ଶାରଦ – ୧	0.29	0.10
୭୩	430/321	ଅବଧୂତ ନାୟକ, ପିଂ – ସୁକଦେବ ନାୟକ, ଜାତି – ଖଣ୍ଡାୟତ, ବା – ନିଳଗାଁ	755	ଶାରଦ – ୩	0.43	0.05
			744/3406/ 3407	ଶାରଦ – ୩	0.13	0.02
			744/3407	ଶାରଦ – ୩	0.19	0.03
			744/3405	ଶାରଦ – ୩	0.08	0.06
୭୪	430/327(ka)	ଗଦାଧର ଦାସ, ପିଂ – ଉପେନ୍ଦ୍ର ଦାସ, ଜାତି – ପାଣ, ବା – ନିଳଗାଁ	1203	ଶାରଦ – ୩	0.13	0.13
୭୫	430/334	ପ୍ରତାପ କୁମାର ଗୋଟୀ, ପିଂ – ଅନନ୍ତ ଚରଣ ଗୋଟୀ, ସୁଶିଳ ଗୋଟୀ, ସୁଦିପ ଗୋଟୀ, ପିଂ – ଅନନ୍ତ ଚରଣ ଗୋଟୀ, ଜାତି – ଧୋବା, ବା – ନିଳଗାଁ	740	ଶାରଦ – ୨	0.06	0.06
୭୬	430/336	ନାରାୟଣ ଚନ୍ଦ୍ର କର, ବୃନ୍ଦାବନ କର, ଗଣେଶ କର, ଶ୍ୟାମସୁନ୍ଦର କର, ଗଦାଧର କର, ଦେବିଦାସ କର, ପିଂ – ନିତ୍ୟାନନ୍ଦ କର, ଜାତି – ବ୍ରାହ୍ମଣ, ବା – ନିଳଗାଁ	1206	ଶାରଦ – ୩	0.10	0.10
୭୭	430/342	ଭଗବାନ ସାହୁ, ପିଂ – ରବିନ୍ଦ କୁମାର ନାୟକ, ଜାତି – ଖଣ୍ଡାୟତ, ବା – ନିଳଗାଁ	748/2773	ଶାରଦ – ୨	0.13	0.13
			748/3424	ଶାରଦ – ୨	0.49	0.47
୭୮	430/388	ବିନ୍ଦାବନ ପଟ୍ଟନାୟକ, ପିଂ – କ୍ଷେତ୍ରବାସୀ ପଟ୍ଟନାୟକ, ଜାତି – କରଣ, ବା – ଖଡ଼ଗପ୍ରସାଦ, ଥା – ଗଣ୍ଡିଆ	748	ଶାରଦ – ୨	0.50	0.50
Contd....
